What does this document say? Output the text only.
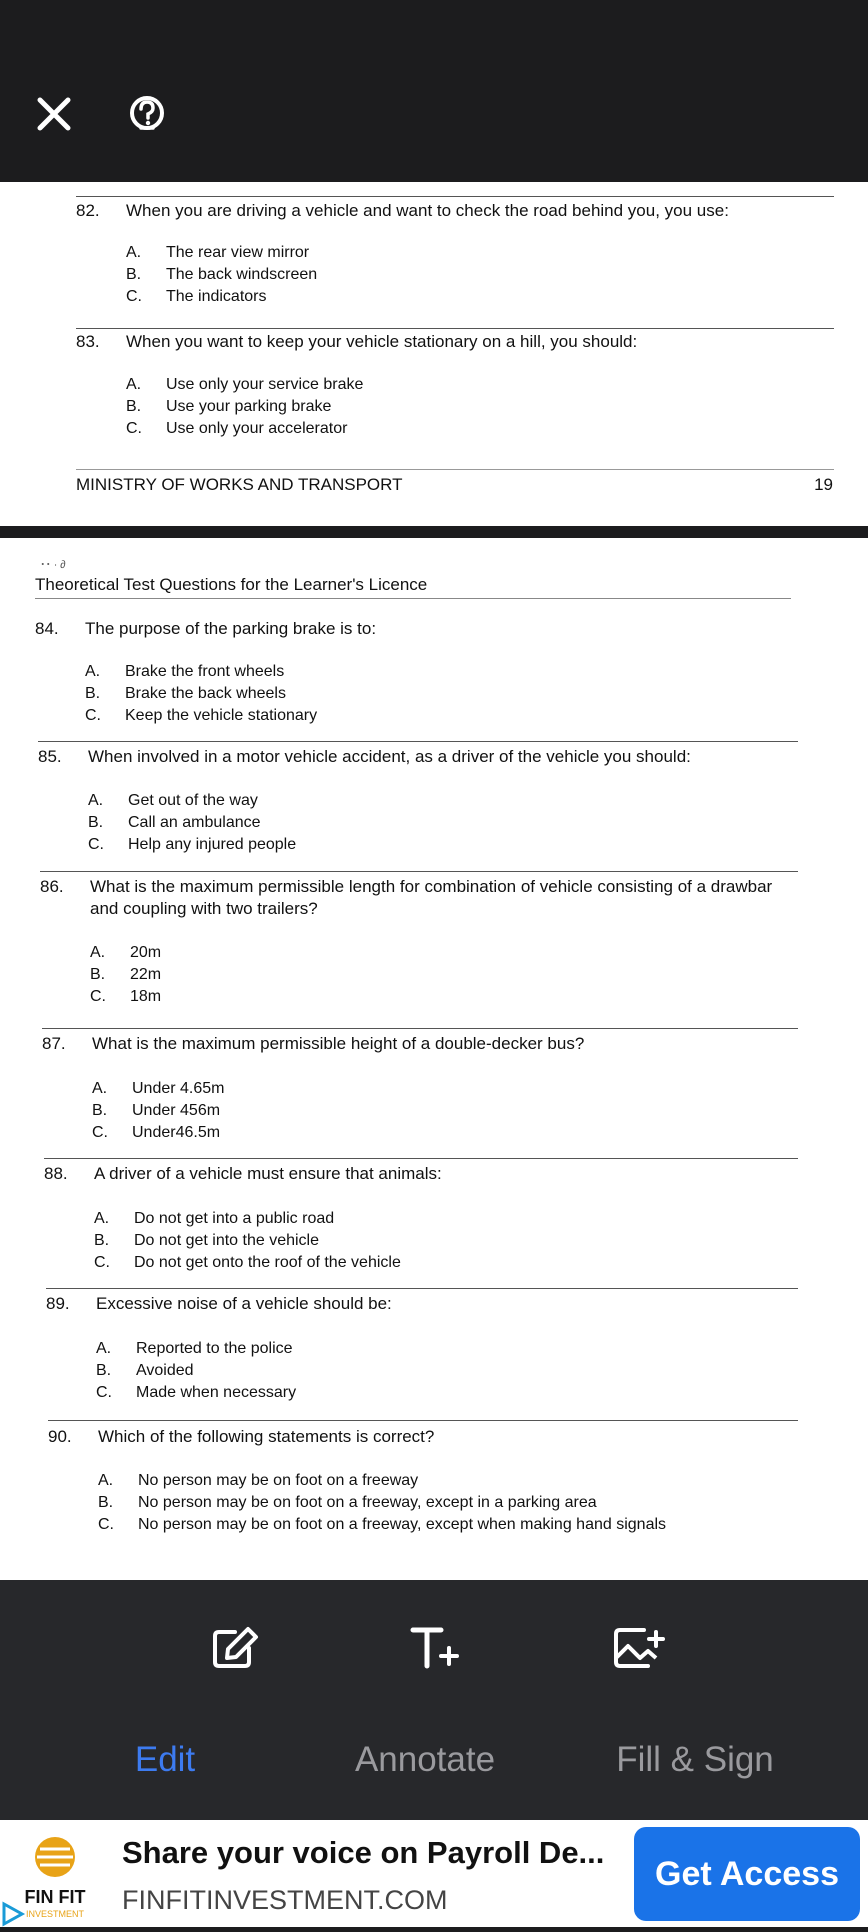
82. When you are driving a vehicle and want to check the road behind you, you use:
A.	The rear view mirror
B.	The back windscreen
C.	The indicators
83. When you want to keep your vehicle stationary on a hill, you should:
A.	Use only your service brake
B.	Use your parking brake
C.	Use only your accelerator
MINISTRY OF WORKS AND TRANSPORT	19
･･ ∙ ∂
Theoretical Test Questions for the Learner's Licence
84. The purpose of the parking brake is to:
A.	Brake the front wheels
B.	Brake the back wheels
C.	Keep the vehicle stationary
85. When involved in a motor vehicle accident, as a driver of the vehicle you should:
A.	Get out of the way
B.	Call an ambulance
C.	Help any injured people
86. What is the maximum permissible length for combination of vehicle consisting of a drawbar
and coupling with two trailers?
A.	20m
B.	22m
C.	18m
87. What is the maximum permissible height of a double-decker bus?
A.	Under 4.65m
B.	Under 456m
C.	Under46.5m
88. A driver of a vehicle must ensure that animals:
A.	Do not get into a public road
B.	Do not get into the vehicle
C.	Do not get onto the roof of the vehicle
89. Excessive noise of a vehicle should be:
A.	Reported to the police
B.	Avoided
C.	Made when necessary
90. Which of the following statements is correct?
A.	No person may be on foot on a freeway
B.	No person may be on foot on a freeway, except in a parking area
C.	No person may be on foot on a freeway, except when making hand signals
Edit	Annotate	Fill & Sign
FIN FIT
INVESTMENT
Share your voice on Payroll De...
FINFITINVESTMENT.COM
Get Access
